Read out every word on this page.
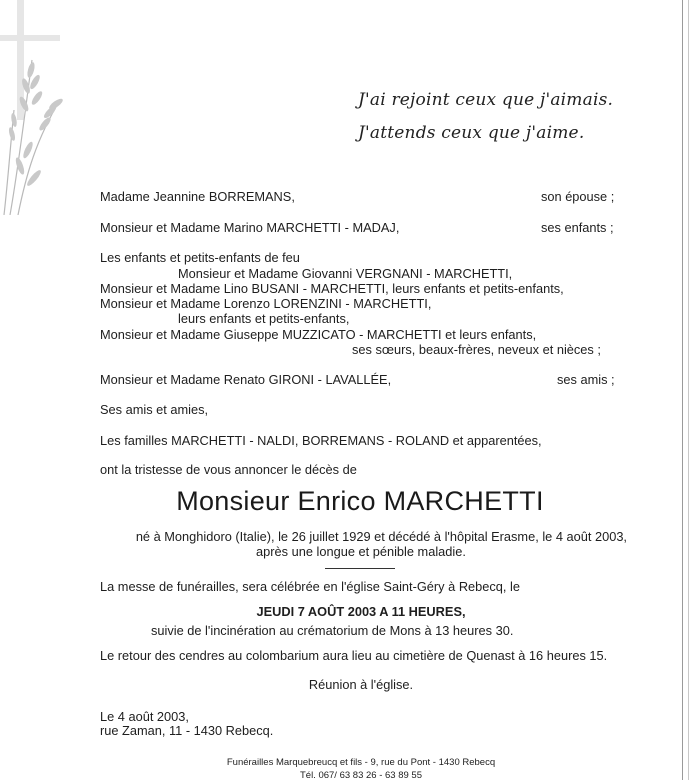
J'ai rejoint ceux que j'aimais.
J'attends ceux que j'aime.
Madame Jeannine BORREMANS,	son épouse ;
Monsieur et Madame Marino MARCHETTI - MADAJ,	ses enfants ;
Les enfants et petits-enfants de feu
Monsieur et Madame Giovanni VERGNANI - MARCHETTI,
Monsieur et Madame Lino BUSANI - MARCHETTI, leurs enfants et petits-enfants,
Monsieur et Madame Lorenzo LORENZINI - MARCHETTI,
leurs enfants et petits-enfants,
Monsieur et Madame Giuseppe MUZZICATO - MARCHETTI et leurs enfants,
ses sœurs, beaux-frères, neveux et nièces ;
Monsieur et Madame Renato GIRONI - LAVALLÉE,	ses amis ;
Ses amis et amies,
Les familles MARCHETTI - NALDI, BORREMANS - ROLAND et apparentées,
ont la tristesse de vous annoncer le décès de
Monsieur Enrico MARCHETTI
né à Monghidoro (Italie), le 26 juillet 1929 et décédé à l'hôpital Erasme, le 4 août 2003,
après une longue et pénible maladie.
La messe de funérailles, sera célébrée en l'église Saint-Géry à Rebecq, le
JEUDI 7 AOÛT 2003 A 11 HEURES,
suivie de l'incinération au crématorium de Mons à 13 heures 30.
Le retour des cendres au colombarium aura lieu au cimetière de Quenast à 16 heures 15.
Réunion à l'église.
Le 4 août 2003,
rue Zaman, 11 - 1430 Rebecq.
Funérailles Marquebreucq et fils - 9, rue du Pont - 1430 Rebecq
Tél. 067/ 63 83 26 - 63 89 55
